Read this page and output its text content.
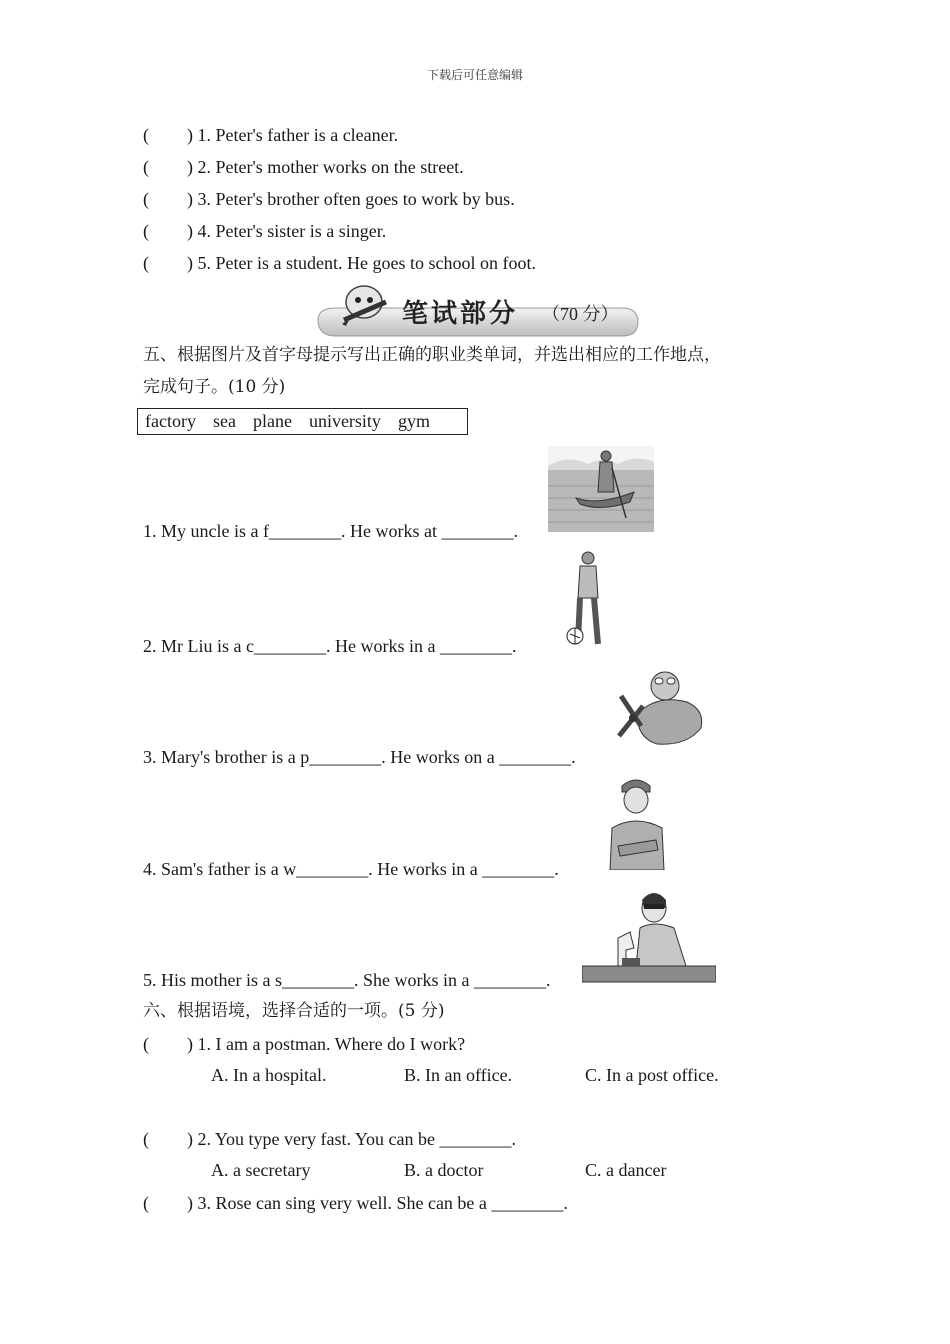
下载后可任意编辑
( ) 1. Peter's father is a cleaner.
( ) 2. Peter's mother works on the street.
( ) 3. Peter's brother often goes to work by bus.
( ) 4. Peter's sister is a singer.
( ) 5. Peter is a student. He goes to school on foot.
笔试部分 （70 分）
五、根据图片及首字母提示写出正确的职业类单词，并选出相应的工作地点，
完成句子。(10 分)
factory sea plane university gym
1. My uncle is a f________. He works at ________.
2. Mr Liu is a c________. He works in a ________.
3. Mary's brother is a p________. He works on a ________.
4. Sam's father is a w________. He works in a ________.
5. His mother is a s________. She works in a ________.
六、根据语境，选择合适的一项。(5 分)
( ) 1. I am a postman. Where do I work?
A. In a hospital.	B. In an office.	C. In a post office.
( ) 2. You type very fast. You can be ________.
A. a secretary	B. a doctor	C. a dancer
( ) 3. Rose can sing very well. She can be a ________.
